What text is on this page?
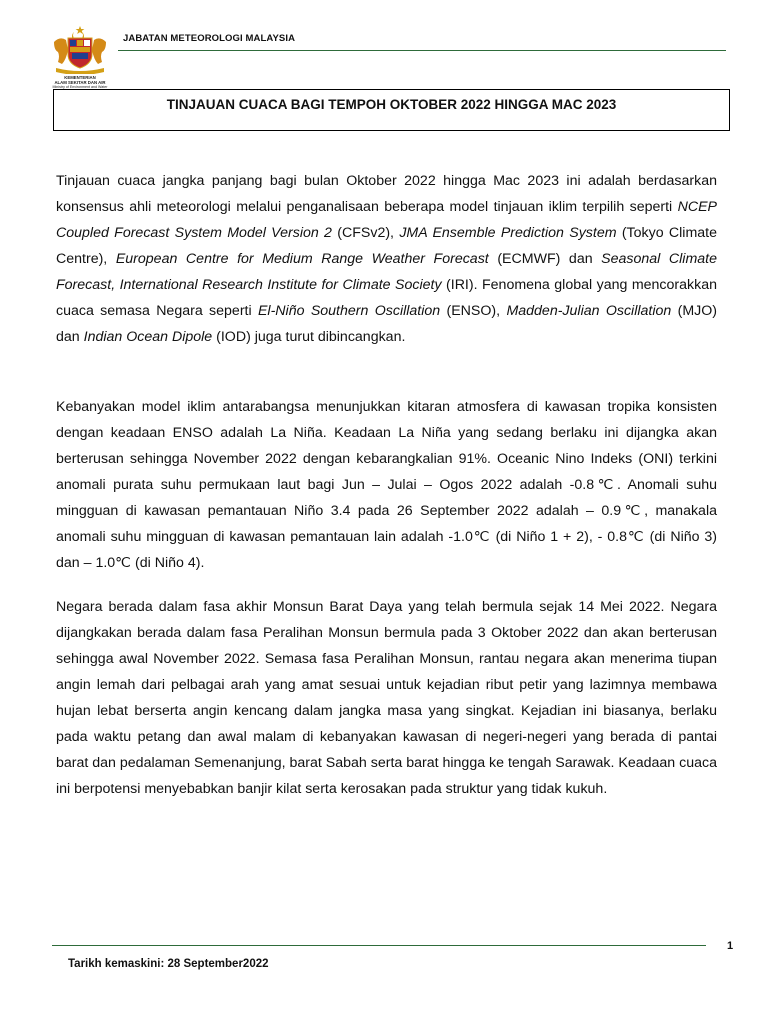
KEMENTERIAN
ALAM SEKITAR DAN AIR
Ministry of Environment and Water
JABATAN METEOROLOGI MALAYSIA
TINJAUAN CUACA BAGI TEMPOH OKTOBER 2022 HINGGA MAC 2023

Tinjauan cuaca jangka panjang bagi bulan Oktober 2022 hingga Mac 2023 ini adalah berdasarkan konsensus ahli meteorologi melalui penganalisaan beberapa model tinjauan iklim terpilih seperti NCEP Coupled Forecast System Model Version 2 (CFSv2), JMA Ensemble Prediction System (Tokyo Climate Centre), European Centre for Medium Range Weather Forecast (ECMWF) dan Seasonal Climate Forecast, International Research Institute for Climate Society (IRI). Fenomena global yang mencorakkan cuaca semasa Negara seperti El-Niño Southern Oscillation (ENSO), Madden-Julian Oscillation (MJO) dan Indian Ocean Dipole (IOD) juga turut dibincangkan.

Kebanyakan model iklim antarabangsa menunjukkan kitaran atmosfera di kawasan tropika konsisten dengan keadaan ENSO adalah La Niña. Keadaan La Niña yang sedang berlaku ini dijangka akan berterusan sehingga November 2022 dengan kebarangkalian 91%. Oceanic Nino Indeks (ONI) terkini anomali purata suhu permukaan laut bagi Jun – Julai – Ogos 2022 adalah -0.8℃. Anomali suhu mingguan di kawasan pemantauan Niño 3.4 pada 26 September 2022 adalah – 0.9℃, manakala anomali suhu mingguan di kawasan pemantauan lain adalah -1.0℃ (di Niño 1 + 2), - 0.8℃ (di Niño 3) dan – 1.0℃ (di Niño 4).

Negara berada dalam fasa akhir Monsun Barat Daya yang telah bermula sejak 14 Mei 2022. Negara dijangkakan berada dalam fasa Peralihan Monsun bermula pada 3 Oktober 2022 dan akan berterusan sehingga awal November 2022. Semasa fasa Peralihan Monsun, rantau negara akan menerima tiupan angin lemah dari pelbagai arah yang amat sesuai untuk kejadian ribut petir yang lazimnya membawa hujan lebat berserta angin kencang dalam jangka masa yang singkat. Kejadian ini biasanya, berlaku pada waktu petang dan awal malam di kebanyakan kawasan di negeri-negeri yang berada di pantai barat dan pedalaman Semenanjung, barat Sabah serta barat hingga ke tengah Sarawak. Keadaan cuaca ini berpotensi menyebabkan banjir kilat serta kerosakan pada struktur yang tidak kukuh.

1
Tarikh kemaskini: 28 September2022
